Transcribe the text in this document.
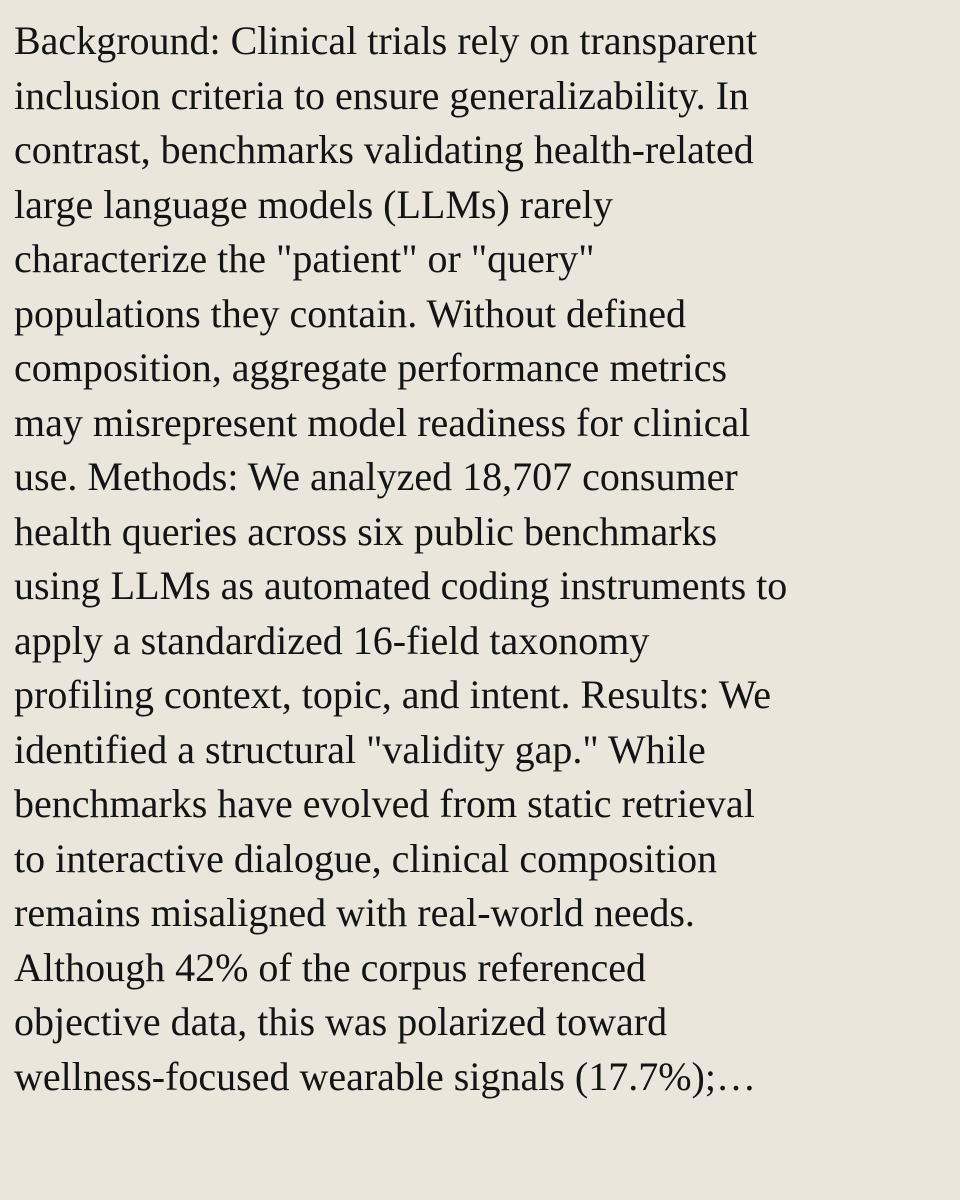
Background: Clinical trials rely on transparent

inclusion criteria to ensure generalizability. In

contrast, benchmarks validating health-related

large language models (LLMs) rarely

characterize the "patient" or "query"

populations they contain. Without defined

composition, aggregate performance metrics

may misrepresent model readiness for clinical

use. Methods: We analyzed 18,707 consumer

health queries across six public benchmarks

using LLMs as automated coding instruments to

apply a standardized 16-field taxonomy

profiling context, topic, and intent. Results: We

identified a structural "validity gap." While

benchmarks have evolved from static retrieval

to interactive dialogue, clinical composition

remains misaligned with real-world needs.

Although 42% of the corpus referenced

objective data, this was polarized toward

wellness-focused wearable signals (17.7%);…
